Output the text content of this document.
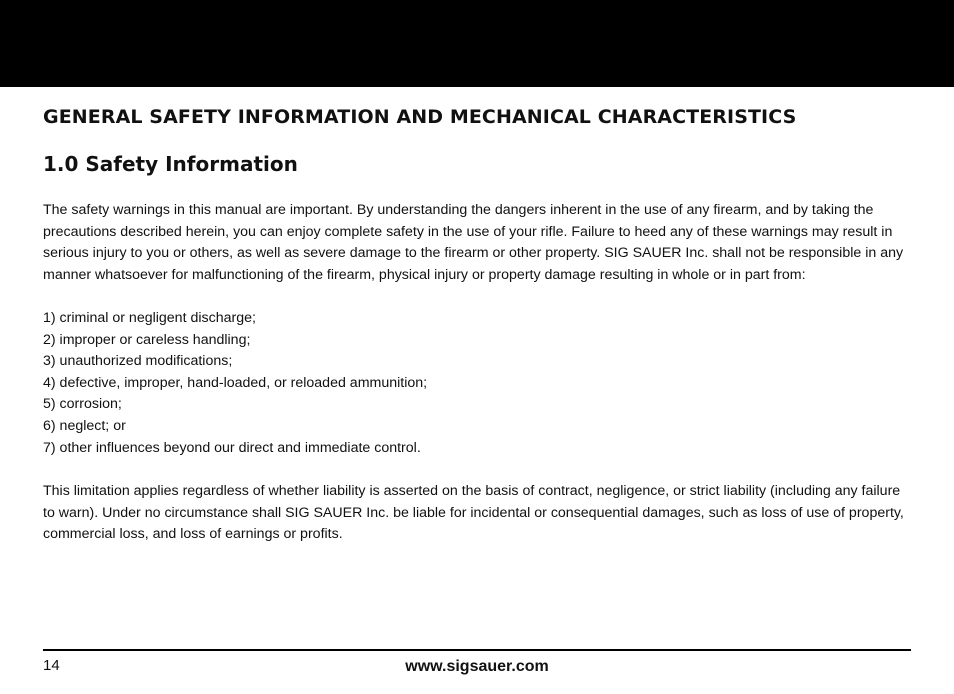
GENERAL SAFETY INFORMATION AND MECHANICAL CHARACTERISTICS
1.0 Safety Information

The safety warnings in this manual are important. By understanding the dangers inherent in the use of any firearm, and by taking the precautions described herein, you can enjoy complete safety in the use of your rifle. Failure to heed any of these warnings may result in serious injury to you or others, as well as severe damage to the firearm or other property. SIG SAUER Inc. shall not be responsible in any manner whatsoever for malfunctioning of the firearm, physical injury or property damage resulting in whole or in part from:

1) criminal or negligent discharge;
2) improper or careless handling;
3) unauthorized modifications;
4) defective, improper, hand-loaded, or reloaded ammunition;
5) corrosion;
6) neglect; or
7) other influences beyond our direct and immediate control.

This limitation applies regardless of whether liability is asserted on the basis of contract, negligence, or strict liability (including any failure to warn). Under no circumstance shall SIG SAUER Inc. be liable for incidental or consequential damages, such as loss of use of property, commercial loss, and loss of earnings or profits.

14	www.sigsauer.com
